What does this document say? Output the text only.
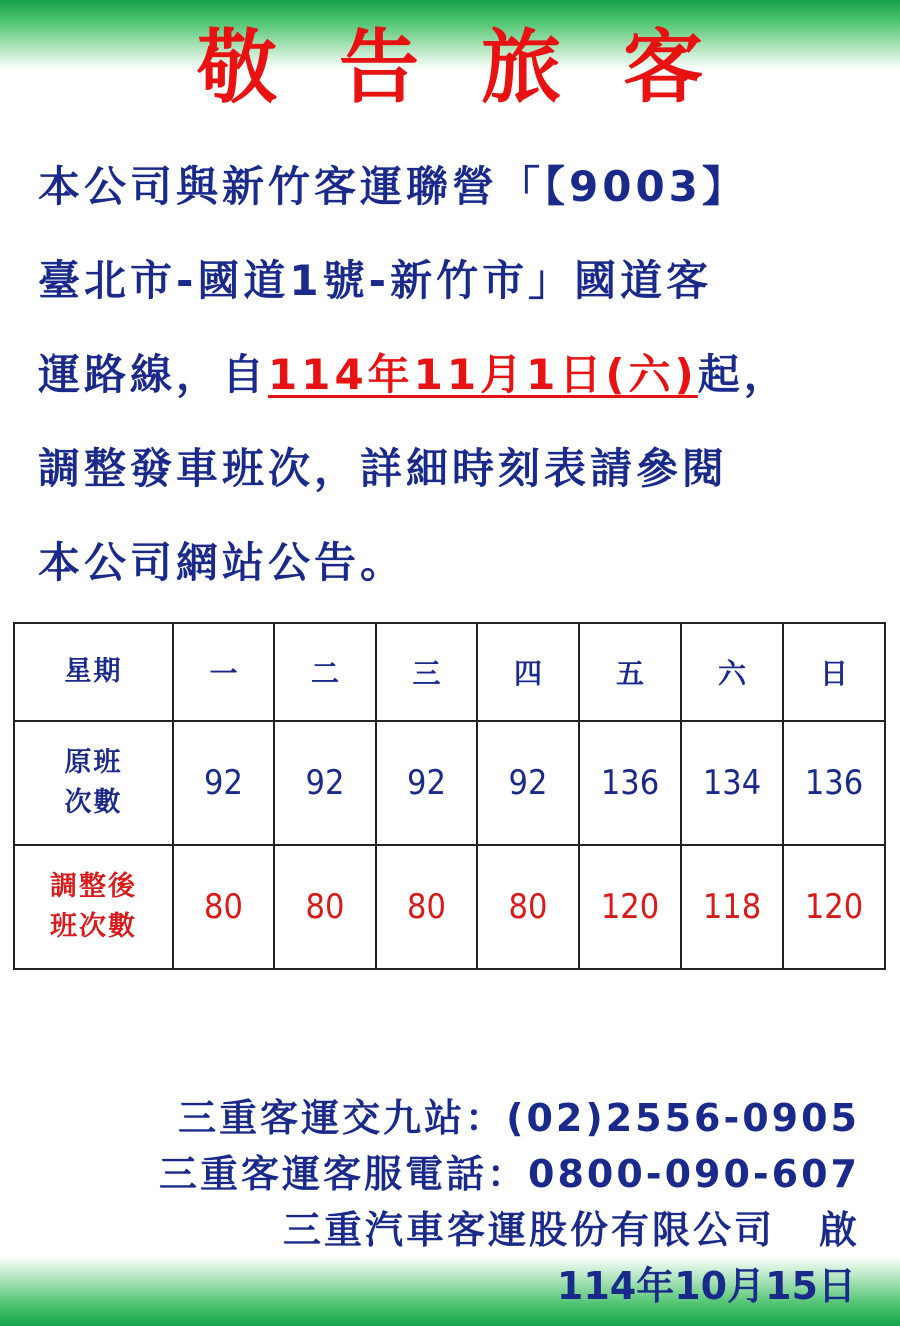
敬告旅客
本公司與新竹客運聯營「【9003】
臺北市-國道1號-新竹市」國道客
運路線，自114年11月1日(六)起，
調整發車班次，詳細時刻表請參閱
本公司網站公告。
星期	一	二	三	四	五	六	日

原班
次數	92	92	92	92	136	134	136

調整後
班次數	80	80	80	80	120	118	120
三重客運交九站：(02)2556-0905
三重客運客服電話：0800-090-607
三重汽車客運股份有限公司 啟
114年10月15日
